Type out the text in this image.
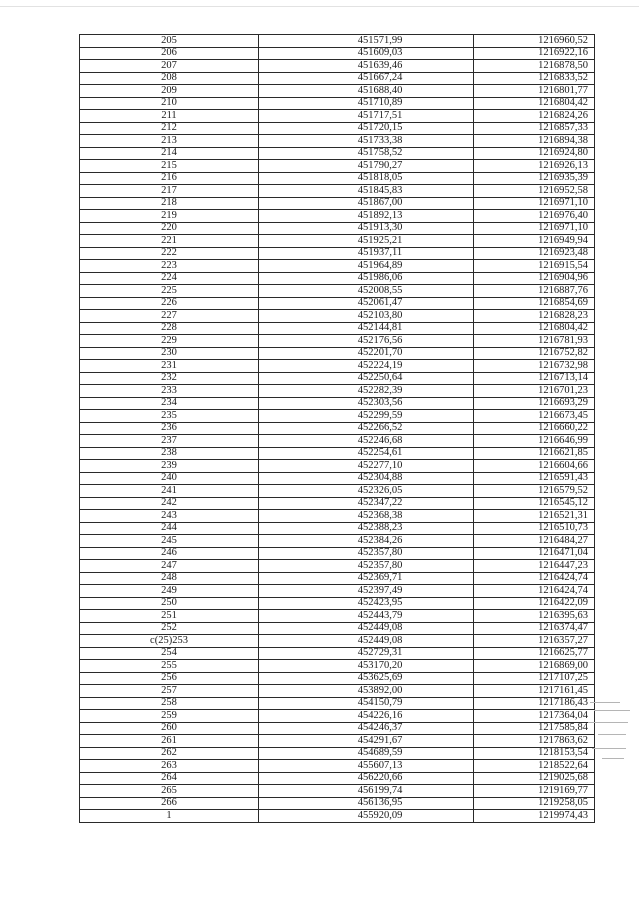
205	451571,99	1216960,52
206	451609,03	1216922,16
207	451639,46	1216878,50
208	451667,24	1216833,52
209	451688,40	1216801,77
210	451710,89	1216804,42
211	451717,51	1216824,26
212	451720,15	1216857,33
213	451733,38	1216894,38
214	451758,52	1216924,80
215	451790,27	1216926,13
216	451818,05	1216935,39
217	451845,83	1216952,58
218	451867,00	1216971,10
219	451892,13	1216976,40
220	451913,30	1216971,10
221	451925,21	1216949,94
222	451937,11	1216923,48
223	451964,89	1216915,54
224	451986,06	1216904,96
225	452008,55	1216887,76
226	452061,47	1216854,69
227	452103,80	1216828,23
228	452144,81	1216804,42
229	452176,56	1216781,93
230	452201,70	1216752,82
231	452224,19	1216732,98
232	452250,64	1216713,14
233	452282,39	1216701,23
234	452303,56	1216693,29
235	452299,59	1216673,45
236	452266,52	1216660,22
237	452246,68	1216646,99
238	452254,61	1216621,85
239	452277,10	1216604,66
240	452304,88	1216591,43
241	452326,05	1216579,52
242	452347,22	1216545,12
243	452368,38	1216521,31
244	452388,23	1216510,73
245	452384,26	1216484,27
246	452357,80	1216471,04
247	452357,80	1216447,23
248	452369,71	1216424,74
249	452397,49	1216424,74
250	452423,95	1216422,09
251	452443,79	1216395,63
252	452449,08	1216374,47
с(25)253	452449,08	1216357,27
254	452729,31	1216625,77
255	453170,20	1216869,00
256	453625,69	1217107,25
257	453892,00	1217161,45
258	454150,79	1217186,43
259	454226,16	1217364,04
260	454246,37	1217585,84
261	454291,67	1217863,62
262	454689,59	1218153,54
263	455607,13	1218522,64
264	456220,66	1219025,68
265	456199,74	1219169,77
266	456136,95	1219258,05
1	455920,09	1219974,43
